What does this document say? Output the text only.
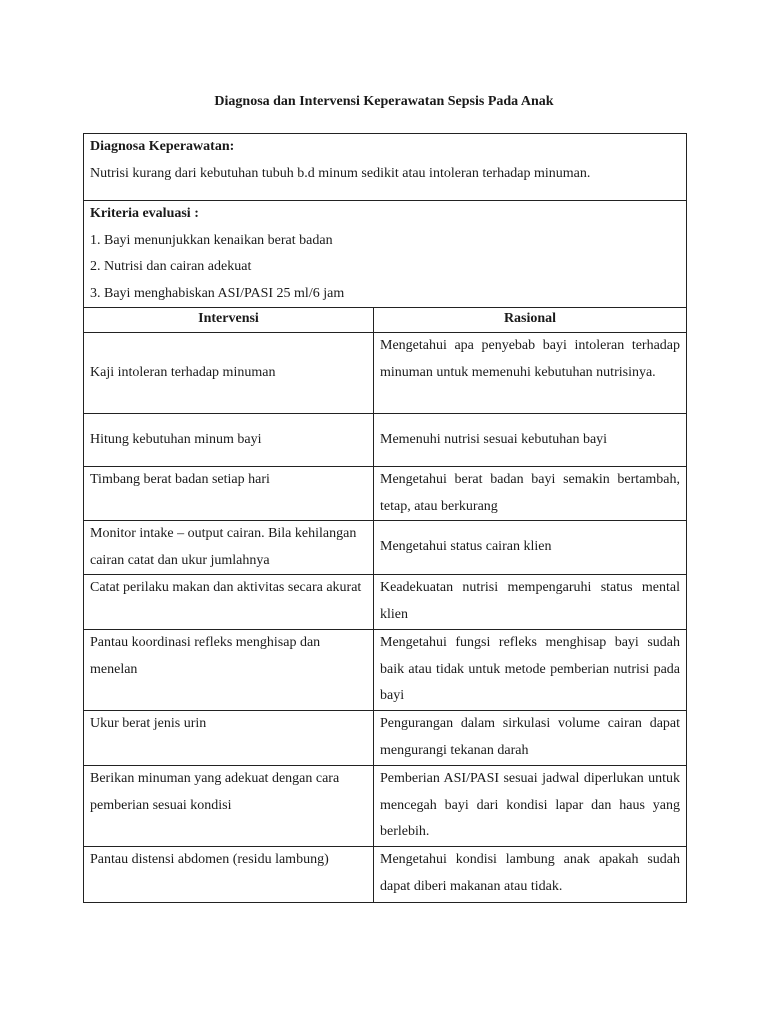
Diagnosa dan Intervensi Keperawatan Sepsis Pada Anak
Diagnosa Keperawatan:
Nutrisi kurang dari kebutuhan tubuh b.d minum sedikit atau intoleran terhadap minuman.	

Kriteria evaluasi :
1. Bayi menunjukkan kenaikan berat badan
2. Nutrisi dan cairan adekuat
3. Bayi menghabiskan ASI/PASI 25 ml/6 jam	

Intervensi	Rasional
Kaji intoleran terhadap minuman	Mengetahui apa penyebab bayi intoleran terhadap minuman untuk memenuhi kebutuhan nutrisinya.
Hitung kebutuhan minum bayi	Memenuhi nutrisi sesuai kebutuhan bayi
Timbang berat badan setiap hari	Mengetahui berat badan bayi semakin bertambah, tetap, atau berkurang
Monitor intake – output cairan. Bila kehilangan cairan catat dan ukur jumlahnya	Mengetahui status cairan klien
Catat perilaku makan dan aktivitas secara akurat	Keadekuatan nutrisi mempengaruhi status mental klien
Pantau koordinasi refleks menghisap dan menelan	Mengetahui fungsi refleks menghisap bayi sudah baik atau tidak untuk metode pemberian nutrisi pada bayi
Ukur berat jenis urin	Pengurangan dalam sirkulasi volume cairan dapat mengurangi tekanan darah
Berikan minuman yang adekuat dengan cara pemberian sesuai kondisi	Pemberian ASI/PASI sesuai jadwal diperlukan untuk mencegah bayi dari kondisi lapar dan haus yang berlebih.
Pantau distensi abdomen (residu lambung)	Mengetahui kondisi lambung anak apakah sudah dapat diberi makanan atau tidak.
